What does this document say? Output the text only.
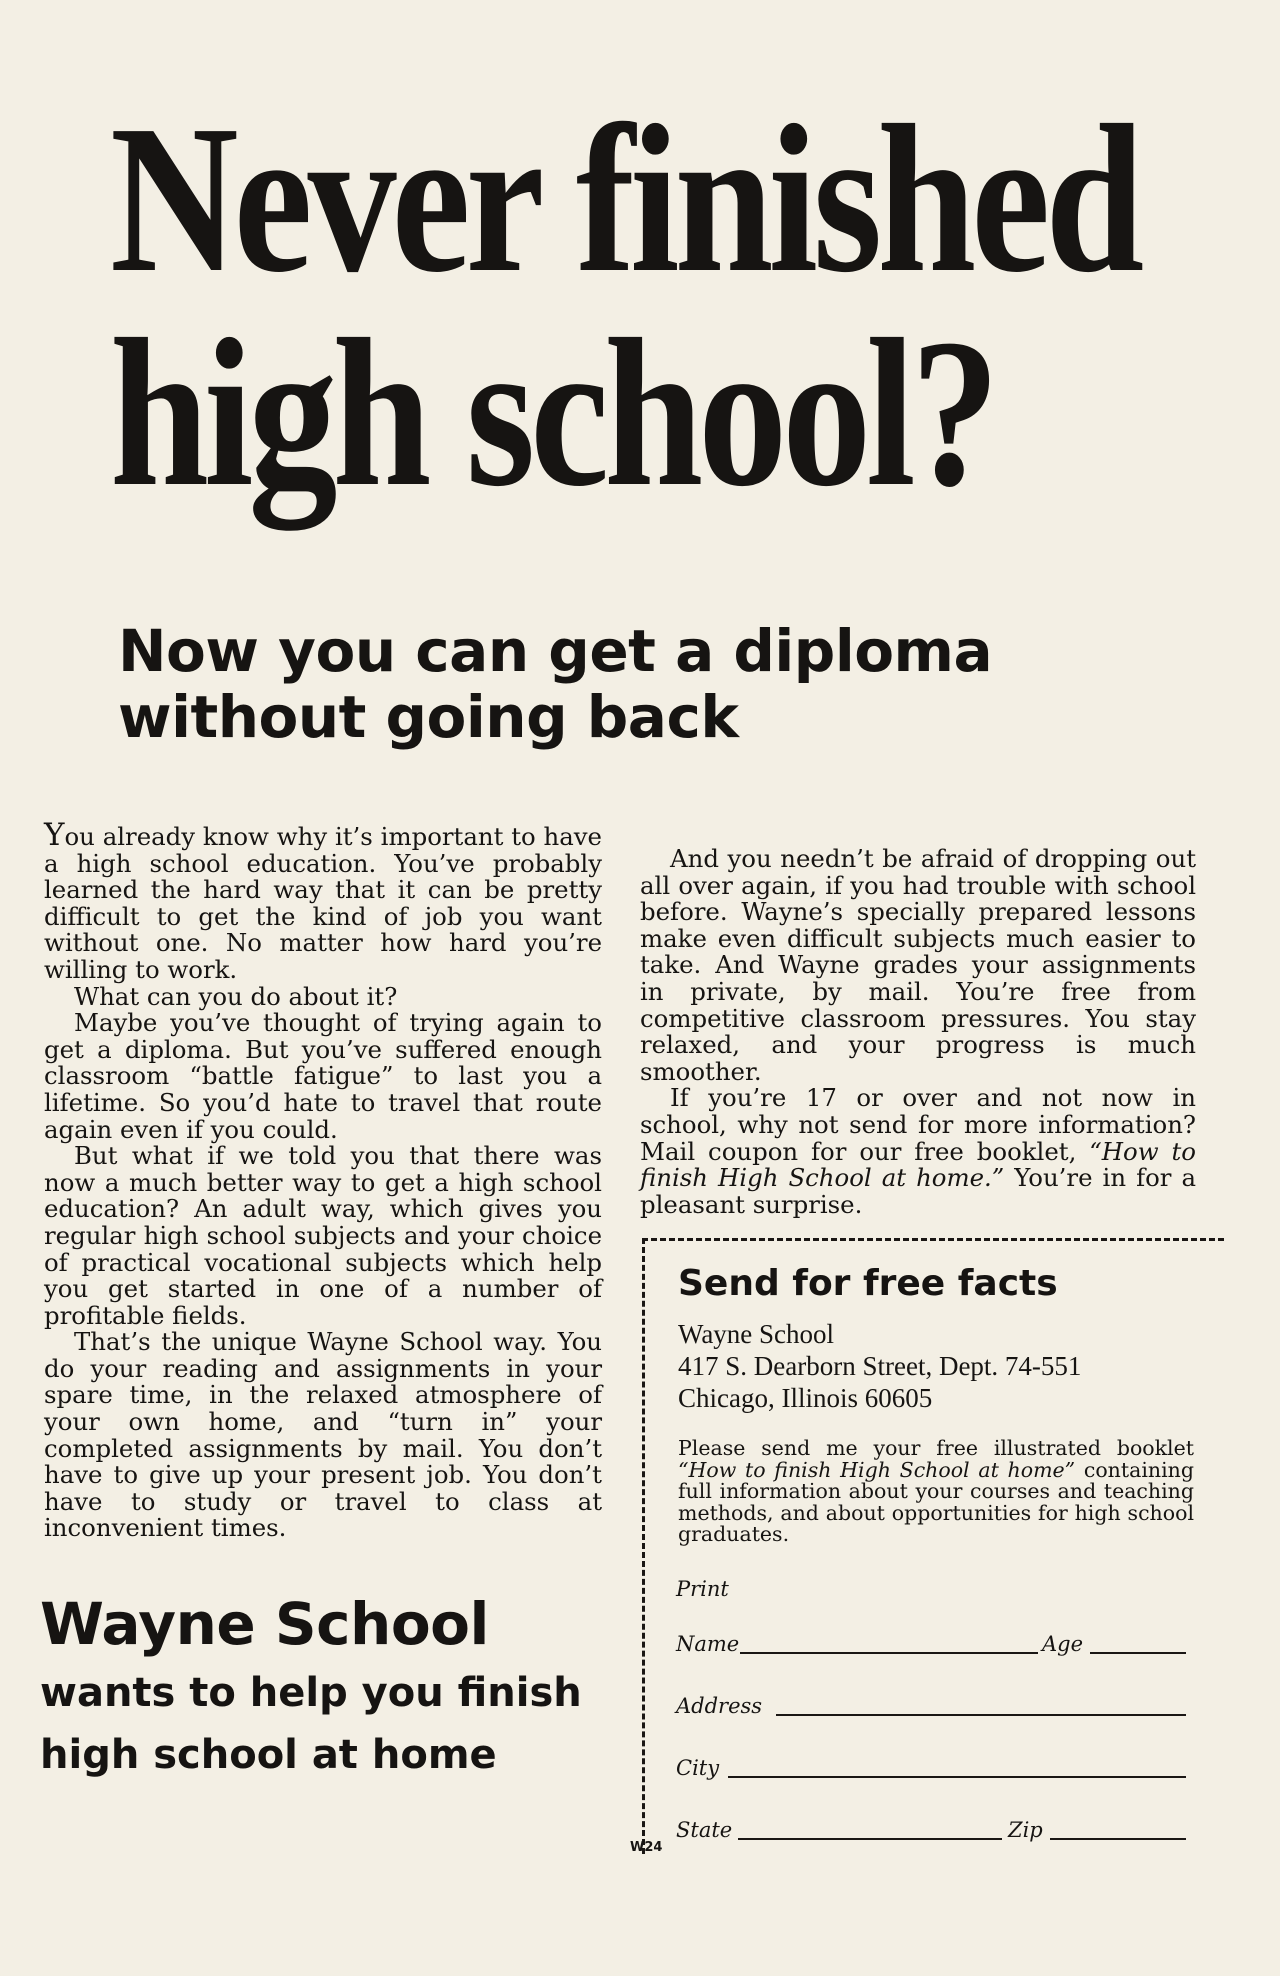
Never finished
high school?
Now you can get a diploma
without going back

You already know why it’s important to have a high school education. You’ve probably learned the hard way that it can be pretty difficult to get the kind of job you want without one. No matter how hard you’re willing to work.

What can you do about it?

Maybe you’ve thought of trying again to get a diploma. But you’ve suffered enough classroom “battle fatigue” to last you a lifetime. So you’d hate to travel that route again even if you could.

But what if we told you that there was now a much better way to get a high school education? An adult way, which gives you regular high school subjects and your choice of practical vocational subjects which help you get started in one of a number of profitable fields.

That’s the unique Wayne School way. You do your reading and assignments in your spare time, in the relaxed atmosphere of your own home, and “turn in” your completed assignments by mail. You don’t have to give up your present job. You don’t have to study or travel to class at inconvenient times.

And you needn’t be afraid of dropping out all over again, if you had trouble with school before. Wayne’s specially prepared lessons make even difficult subjects much easier to take. And Wayne grades your assignments in private, by mail. You’re free from competitive classroom pressures. You stay relaxed, and your progress is much smoother.

If you’re 17 or over and not now in school, why not send for more information? Mail coupon for our free booklet, “How to finish High School at home.” You’re in for a pleasant surprise.

Wayne School
wants to help you finish
high school at home
Send for free facts
Wayne School
417 S. Dearborn Street, Dept. 74-551
Chicago, Illinois 60605
Please send me your free illustrated booklet “How to finish High School at home” containing full information about your courses and teaching methods, and about opportunities for high school graduates.
Print
Name	Age
Address
City
State	Zip
W24
